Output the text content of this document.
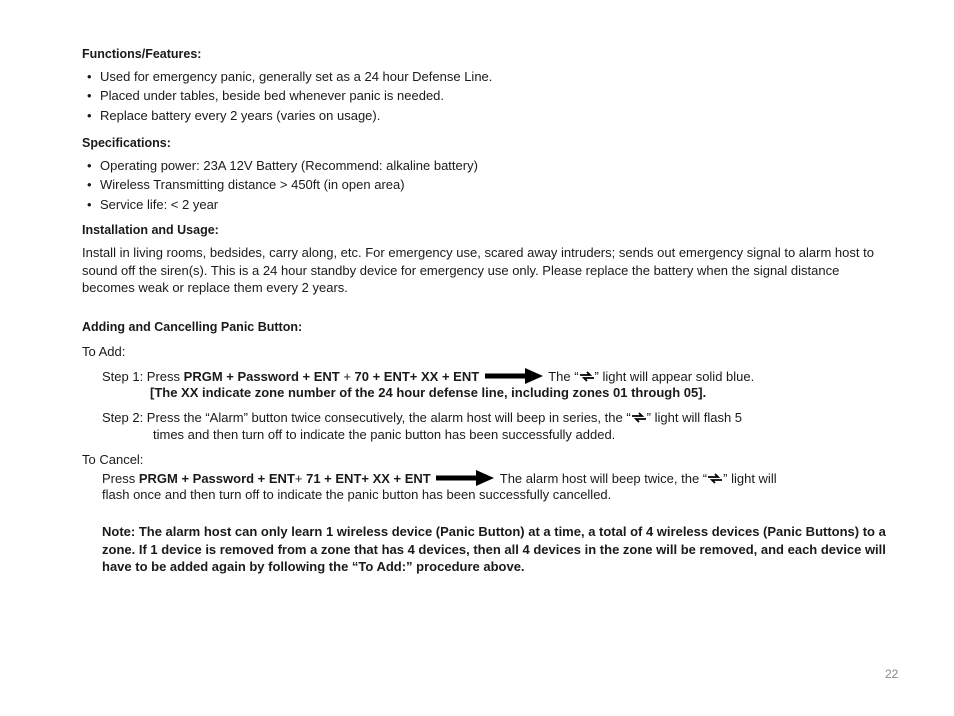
Functions/Features:
• Used for emergency panic, generally set as a 24 hour Defense Line.
• Placed under tables, beside bed whenever panic is needed.
• Replace battery every 2 years (varies on usage).
Specifications:
• Operating power: 23A 12V Battery (Recommend: alkaline battery)
• Wireless Transmitting distance > 450ft (in open area)
• Service life: < 2 year
Installation and Usage:
Install in living rooms, bedsides, carry along, etc. For emergency use, scared away intruders; sends out emergency signal to alarm host to sound off the siren(s). This is a 24 hour standby device for emergency use only. Please replace the battery when the signal distance becomes weak or replace them every 2 years.
Adding and Cancelling Panic Button:
To Add:
Step 1: Press PRGM + Password + ENT + 70 + ENT+ XX + ENT	The “ ” light will appear solid blue.
[The XX indicate zone number of the 24 hour defense line, including zones 01 through 05].
Step 2: Press the “Alarm” button twice consecutively, the alarm host will beep in series, the “ ” light will flash 5
times and then turn off to indicate the panic button has been successfully added.
To Cancel:
Press PRGM + Password + ENT+ 71 + ENT+ XX + ENT	The alarm host will beep twice, the “ ” light will
flash once and then turn off to indicate the panic button has been successfully cancelled.
Note: The alarm host can only learn 1 wireless device (Panic Button) at a time, a total of 4 wireless devices (Panic Buttons) to a zone. If 1 device is removed from a zone that has 4 devices, then all 4 devices in the zone will be removed, and each device will have to be added again by following the “To Add:” procedure above.
22
